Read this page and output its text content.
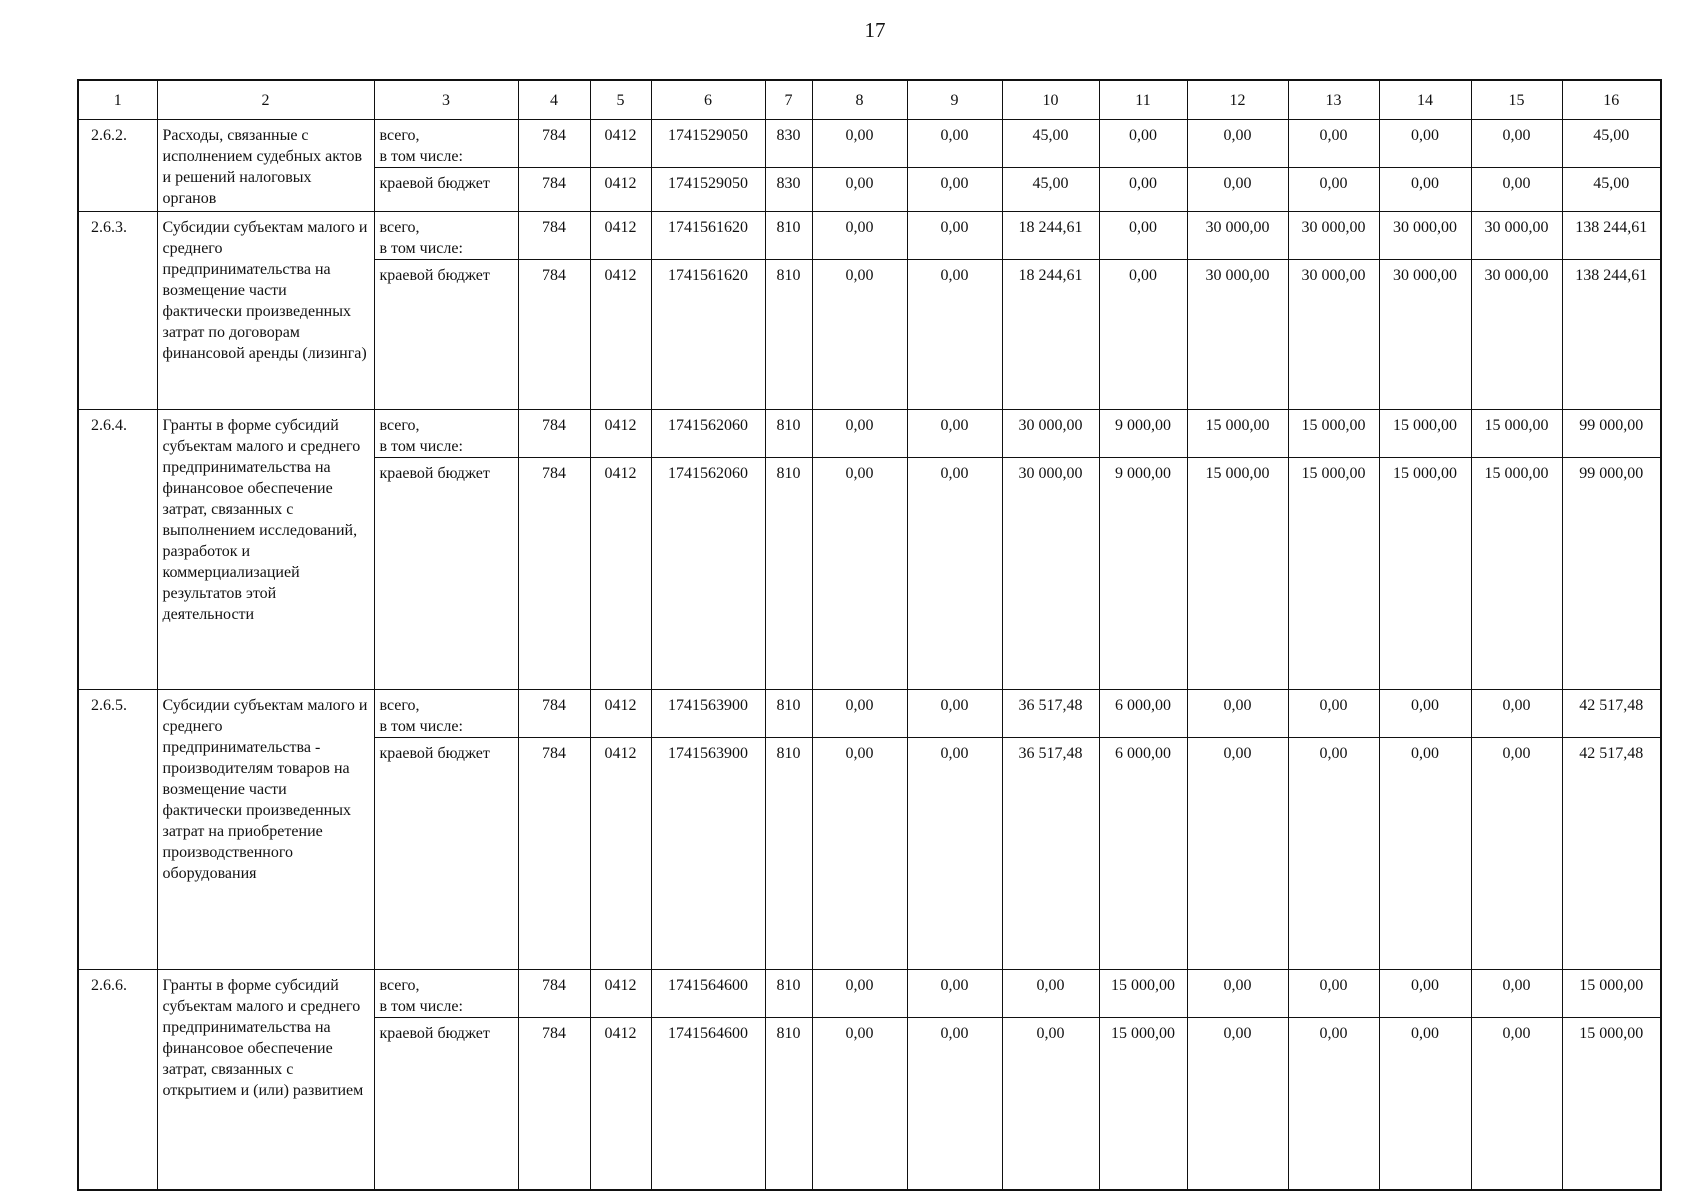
17
1	2	3	4	5	6	7	8	9	10	11	12	13	14	15	16
2.6.2.	Расходы, связанные с исполнением судебных актов и решений налоговых органов	всего,
в том числе:	784	0412	1741529050	830	0,00	0,00	45,00	0,00	0,00	0,00	0,00	0,00	45,00
		краевой бюджет	784	0412	1741529050	830	0,00	0,00	45,00	0,00	0,00	0,00	0,00	0,00	45,00
2.6.3.	Субсидии субъектам малого и среднего предпринимательства на возмещение части фактически произведенных затрат по договорам финансовой аренды (лизинга)	всего,
в том числе:	784	0412	1741561620	810	0,00	0,00	18 244,61	0,00	30 000,00	30 000,00	30 000,00	30 000,00	138 244,61
		краевой бюджет	784	0412	1741561620	810	0,00	0,00	18 244,61	0,00	30 000,00	30 000,00	30 000,00	30 000,00	138 244,61
2.6.4.	Гранты в форме субсидий субъектам малого и среднего предпринимательства на финансовое обеспечение затрат, связанных с выполнением исследований, разработок и коммерциализацией результатов этой деятельности	всего,
в том числе:	784	0412	1741562060	810	0,00	0,00	30 000,00	9 000,00	15 000,00	15 000,00	15 000,00	15 000,00	99 000,00
		краевой бюджет	784	0412	1741562060	810	0,00	0,00	30 000,00	9 000,00	15 000,00	15 000,00	15 000,00	15 000,00	99 000,00
2.6.5.	Субсидии субъектам малого и среднего предпринимательства - производителям товаров на возмещение части фактически произведенных затрат на приобретение производственного оборудования	всего,
в том числе:	784	0412	1741563900	810	0,00	0,00	36 517,48	6 000,00	0,00	0,00	0,00	0,00	42 517,48
		краевой бюджет	784	0412	1741563900	810	0,00	0,00	36 517,48	6 000,00	0,00	0,00	0,00	0,00	42 517,48
2.6.6.	Гранты в форме субсидий субъектам малого и среднего предпринимательства на финансовое обеспечение затрат, связанных с открытием и (или) развитием	всего,
в том числе:	784	0412	1741564600	810	0,00	0,00	0,00	15 000,00	0,00	0,00	0,00	0,00	15 000,00
		краевой бюджет	784	0412	1741564600	810	0,00	0,00	0,00	15 000,00	0,00	0,00	0,00	0,00	15 000,00
